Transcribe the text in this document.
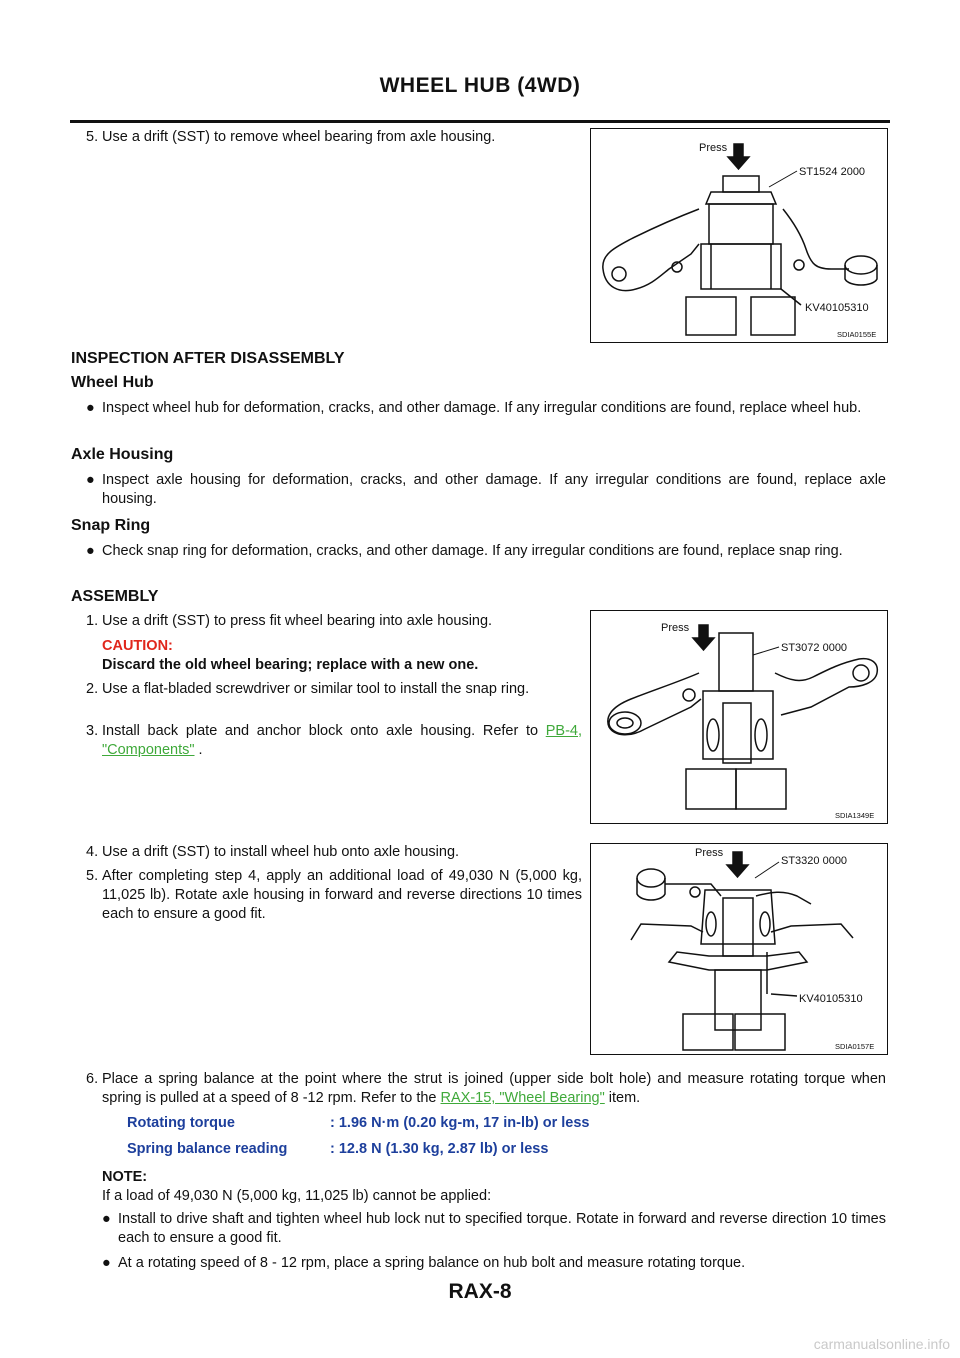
WHEEL HUB (4WD)
5. Use a drift (SST) to remove wheel bearing from axle housing.
Press
ST1524 2000
KV40105310
SDIA0155E
INSPECTION AFTER DISASSEMBLY
Wheel Hub
● Inspect wheel hub for deformation, cracks, and other damage. If any irregular conditions are found, replace wheel hub.
Axle Housing
● Inspect axle housing for deformation, cracks, and other damage. If any irregular conditions are found, replace axle housing.
Snap Ring
● Check snap ring for deformation, cracks, and other damage. If any irregular conditions are found, replace snap ring.
ASSEMBLY
1. Use a drift (SST) to press fit wheel bearing into axle housing.
CAUTION:
Discard the old wheel bearing; replace with a new one.
2. Use a flat-bladed screwdriver or similar tool to install the snap ring.
3. Install back plate and anchor block onto axle housing. Refer to PB-4, "Components" .
Press
ST3072 0000
SDIA1349E
4. Use a drift (SST) to install wheel hub onto axle housing.
5. After completing step 4, apply an additional load of 49,030 N (5,000 kg, 11,025 lb). Rotate axle housing in forward and reverse directions 10 times each to ensure a good fit.
Press
ST3320 0000
KV40105310
SDIA0157E
6. Place a spring balance at the point where the strut is joined (upper side bolt hole) and measure rotating torque when spring is pulled at a speed of 8 -12 rpm. Refer to the RAX-15, "Wheel Bearing" item.
Rotating torque	: 1.96 N·m (0.20 kg-m, 17 in-lb) or less
Spring balance reading	: 12.8 N (1.30 kg, 2.87 lb) or less
NOTE:
If a load of 49,030 N (5,000 kg, 11,025 lb) cannot be applied:
● Install to drive shaft and tighten wheel hub lock nut to specified torque. Rotate in forward and reverse direction 10 times each to ensure a good fit.
● At a rotating speed of 8 - 12 rpm, place a spring balance on hub bolt and measure rotating torque.
RAX-8
carmanualsonline.info
